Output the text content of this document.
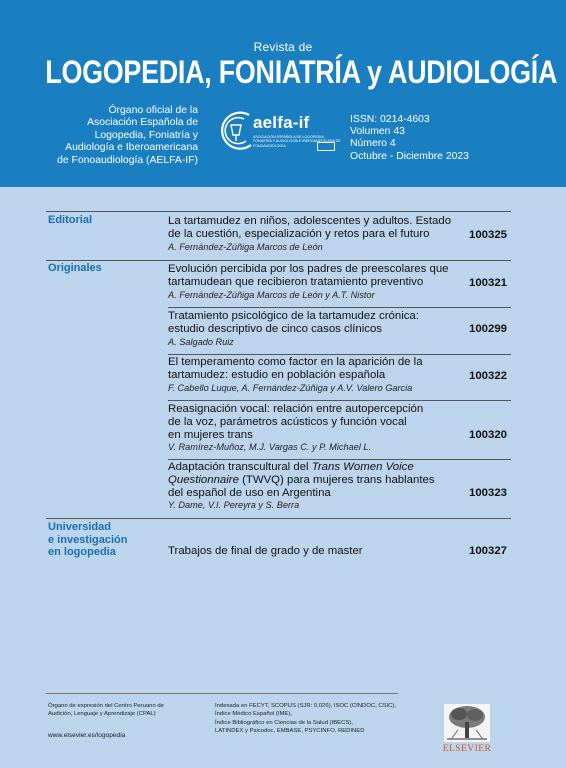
Revista de
LOGOPEDIA, FONIATRÍA y AUDIOLOGÍA
Órgano oficial de la
Asociación Española de
Logopedia, Foniatría y
Audiología e Iberoamericana
de Fonoaudiología (AELFA-IF)
aelfa-if
ASOCIACIÓN ESPAÑOLA DE LOGOPEDIA, FONIATRÍA Y AUDIOLOGÍA E IBEROAMERICANA DE FONOAUDIOLOGÍA
ISSN: 0214-4603
Volumen 43
Número 4
Octubre - Diciembre 2023
Editorial
Originales
Universidad
e investigación
en logopedia
La tartamudez en niños, adolescentes y adultos. Estado
de la cuestión, especialización y retos para el futuro
A. Fernández-Zúñiga Marcos de León
100325
Evolución percibida por los padres de preescolares que
tartamudean que recibieron tratamiento preventivo
A. Fernández-Zúñiga Marcos de León y A.T. Nistor
100321
Tratamiento psicológico de la tartamudez crónica:
estudio descriptivo de cinco casos clínicos
A. Salgado Ruiz
100299
El temperamento como factor en la aparición de la
tartamudez: estudio en población española
F. Cabello Luque, A. Fernández-Zúñiga y A.V. Valero Garcia
100322
Reasignación vocal: relación entre autopercepción
de la voz, parámetros acústicos y función vocal
en mujeres trans
V. Ramírez-Muñoz, M.J. Vargas C. y P. Michael L.
100320
Adaptación transcultural del Trans Women Voice
Questionnaire (TWVQ) para mujeres trans hablantes
del español de uso en Argentina
Y. Dame, V.I. Pereyra y S. Berra
100323
Trabajos de final de grado y de master	100327
Órgano de expresión del Centro Peruano de
Audición, Lenguaje y Aprendizaje (CPAL)
www.elsevier.es/logopedia
Indexada en FECYT, SCOPUS (SJR: 0,026), ISOC (CINDOC, CSIC),
Índice Médico Español (IME),
Índice Bibliográfico en Ciencias de la Salud (IBECS),
LATINDEX y Psicodoc, EMBASE, PSYCINFO, REDINED
ELSEVIER
